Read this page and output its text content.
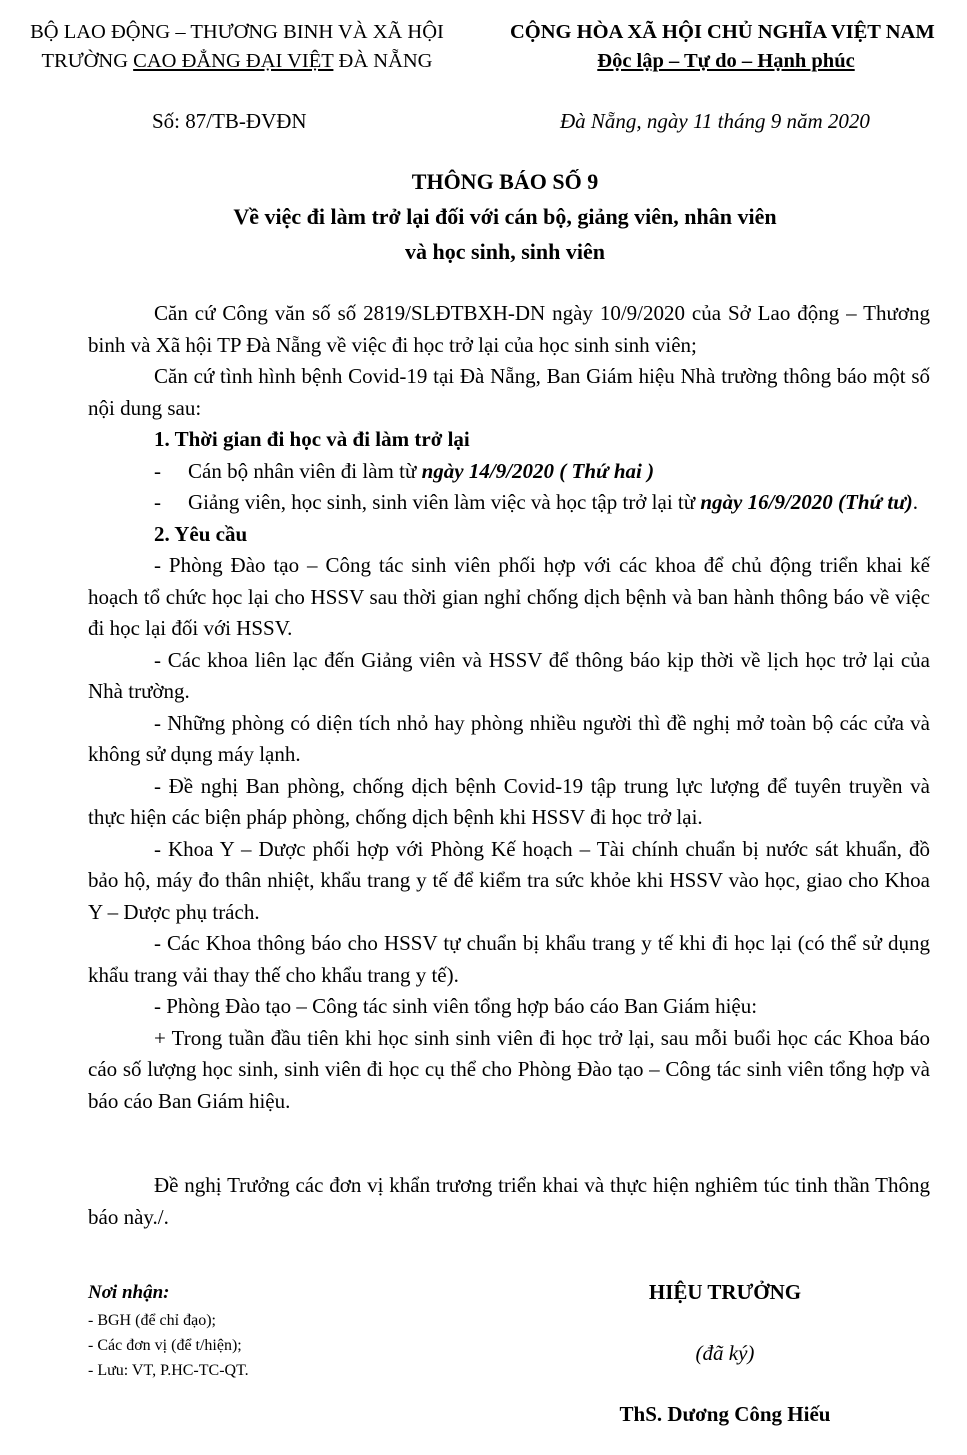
BỘ LAO ĐỘNG – THƯƠNG BINH VÀ XÃ HỘI
TRƯỜNG CAO ĐẲNG ĐẠI VIỆT ĐÀ NẴNG
CỘNG HÒA XÃ HỘI CHỦ NGHĨA VIỆT NAM
Độc lập – Tự do – Hạnh phúc
Số: 87/TB-ĐVĐN	Đà Nẵng, ngày 11 tháng 9 năm 2020
THÔNG BÁO SỐ 9
Về việc đi làm trở lại đối với cán bộ, giảng viên, nhân viên
và học sinh, sinh viên

Căn cứ Công văn số số 2819/SLĐTBXH-DN ngày 10/9/2020 của Sở Lao động – Thương binh và Xã hội TP Đà Nẵng về việc đi học trở lại của học sinh sinh viên;

Căn cứ tình hình bệnh Covid-19 tại Đà Nẵng, Ban Giám hiệu Nhà trường thông báo một số nội dung sau:

1. Thời gian đi học và đi làm trở lại

-	Cán bộ nhân viên đi làm từ ngày 14/9/2020 ( Thứ hai )
-	Giảng viên, học sinh, sinh viên làm việc và học tập trở lại từ ngày 16/9/2020 (Thứ tư).

2. Yêu cầu

- Phòng Đào tạo – Công tác sinh viên phối hợp với các khoa để chủ động triển khai kế hoạch tổ chức học lại cho HSSV sau thời gian nghỉ chống dịch bệnh và ban hành thông báo về việc đi học lại đối với HSSV.

- Các khoa liên lạc đến Giảng viên và HSSV để thông báo kịp thời về lịch học trở lại của Nhà trường.

- Những phòng có diện tích nhỏ hay phòng nhiều người thì đề nghị mở toàn bộ các cửa và không sử dụng máy lạnh.

- Đề nghị Ban phòng, chống dịch bệnh Covid-19 tập trung lực lượng để tuyên truyền và thực hiện các biện pháp phòng, chống dịch bệnh khi HSSV đi học trở lại.

- Khoa Y – Dược phối hợp với Phòng Kế hoạch – Tài chính chuẩn bị nước sát khuẩn, đồ bảo hộ, máy đo thân nhiệt, khẩu trang y tế để kiểm tra sức khỏe khi HSSV vào học, giao cho Khoa Y – Dược phụ trách.

- Các Khoa thông báo cho HSSV tự chuẩn bị khẩu trang y tế khi đi học lại (có thể sử dụng khẩu trang vải thay thế cho khẩu trang y tế).

- Phòng Đào tạo – Công tác sinh viên tổng hợp báo cáo Ban Giám hiệu:

+ Trong tuần đầu tiên khi học sinh sinh viên đi học trở lại, sau mỗi buổi học các Khoa báo cáo số lượng học sinh, sinh viên đi học cụ thể cho Phòng Đào tạo – Công tác sinh viên tổng hợp và báo cáo Ban Giám hiệu.

Đề nghị Trưởng các đơn vị khẩn trương triển khai và thực hiện nghiêm túc tinh thần Thông báo này./.
Nơi nhận:
- BGH (để chỉ đạo);
- Các đơn vị (để t/hiện);
- Lưu: VT, P.HC-TC-QT.
HIỆU TRƯỞNG
(đã ký)
ThS. Dương Công Hiếu
